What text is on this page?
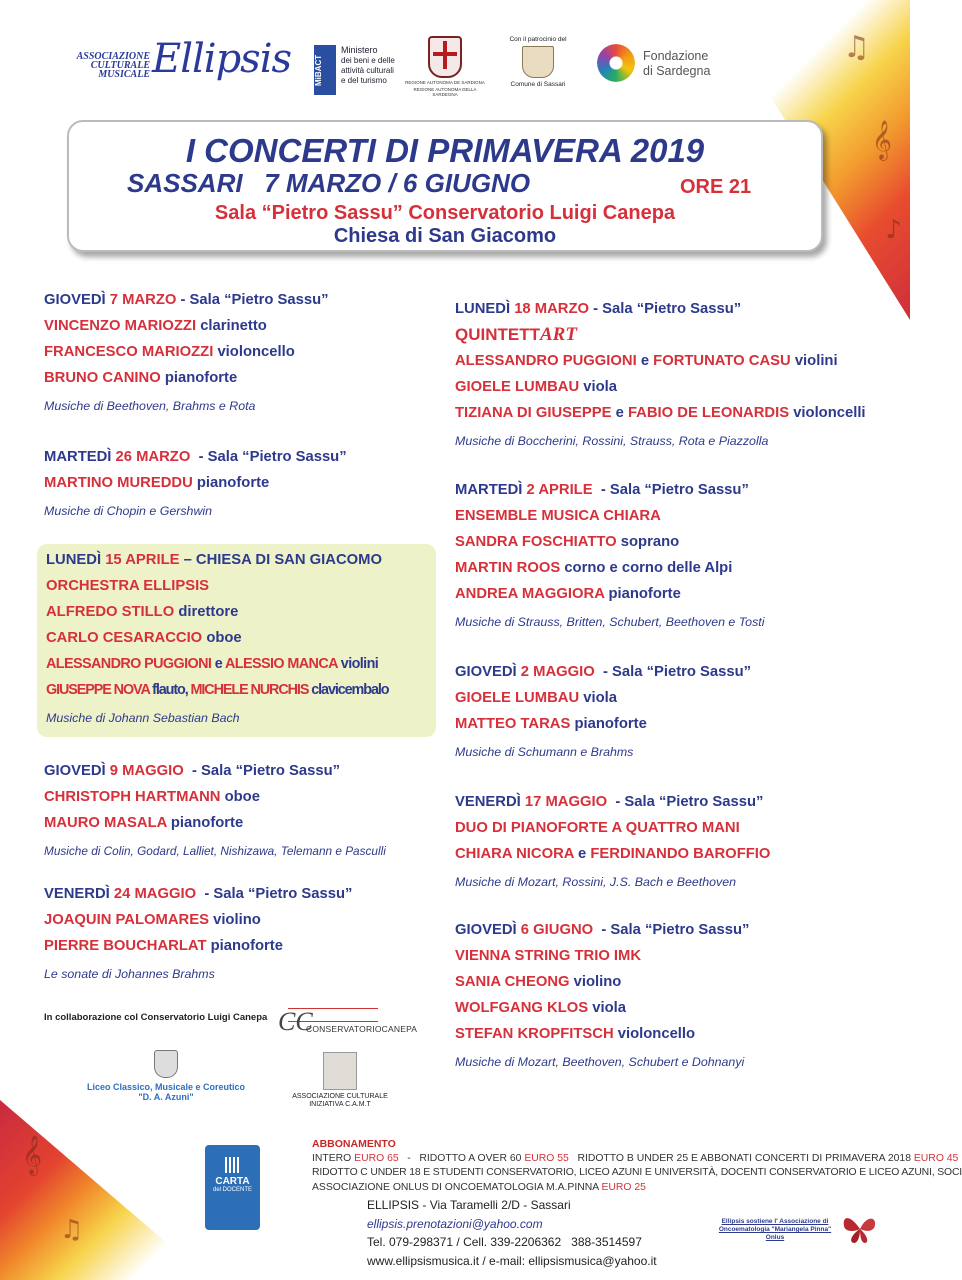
𝄞
♫
♪
𝄞
♫
ASSOCIAZIONE CULTURALE MUSICALE Ellipsis	MiBACT
Ministero
dei beni e delle
attività culturali
e del turismo	REGIONE AUTONOMA DE SARDIGNA
REGIONE AUTONOMA DELLA SARDEGNA
Con il patrocinio del
Comune di Sassari
Fondazione
di Sardegna
I CONCERTI DI PRIMAVERA 2019
SASSARI   7 MARZO / 6 GIUGNO	ORE 21
Sala “Pietro Sassu” Conservatorio Luigi Canepa
Chiesa di San Giacomo
GIOVEDÌ 7 MARZO - Sala “Pietro Sassu”
VINCENZO MARIOZZI clarinetto
FRANCESCO MARIOZZI violoncello
BRUNO CANINO pianoforte
Musiche di Beethoven, Brahms e Rota
MARTEDÌ 26 MARZO  - Sala “Pietro Sassu”
MARTINO MUREDDU pianoforte
Musiche di Chopin e Gershwin
LUNEDÌ 15 APRILE – CHIESA DI SAN GIACOMO
ORCHESTRA ELLIPSIS
ALFREDO STILLO direttore
CARLO CESARACCIO oboe
ALESSANDRO PUGGIONI e ALESSIO MANCA violini
GIUSEPPE NOVA flauto, MICHELE NURCHIS clavicembalo
Musiche di Johann Sebastian Bach
GIOVEDÌ 9 MAGGIO  - Sala “Pietro Sassu”
CHRISTOPH HARTMANN oboe
MAURO MASALA pianoforte
Musiche di Colin, Godard, Lalliet, Nishizawa, Telemann e Pasculli
VENERDÌ 24 MAGGIO  - Sala “Pietro Sassu”
JOAQUIN PALOMARES violino
PIERRE BOUCHARLAT pianoforte
Le sonate di Johannes Brahms
LUNEDÌ 18 MARZO - Sala “Pietro Sassu”
QUINTETTART
ALESSANDRO PUGGIONI e FORTUNATO CASU violini
GIOELE LUMBAU viola
TIZIANA DI GIUSEPPE e FABIO DE LEONARDIS violoncelli
Musiche di Boccherini, Rossini, Strauss, Rota e Piazzolla
MARTEDÌ 2 APRILE  - Sala “Pietro Sassu”
ENSEMBLE MUSICA CHIARA
SANDRA FOSCHIATTO soprano
MARTIN ROOS corno e corno delle Alpi
ANDREA MAGGIORA pianoforte
Musiche di Strauss, Britten, Schubert, Beethoven e Tosti
GIOVEDÌ 2 MAGGIO  - Sala “Pietro Sassu”
GIOELE LUMBAU viola
MATTEO TARAS pianoforte
Musiche di Schumann e Brahms
VENERDÌ 17 MAGGIO  - Sala “Pietro Sassu”
DUO DI PIANOFORTE A QUATTRO MANI
CHIARA NICORA e FERDINANDO BAROFFIO
Musiche di Mozart, Rossini, J.S. Bach e Beethoven
GIOVEDÌ 6 GIUGNO  - Sala “Pietro Sassu”
VIENNA STRING TRIO IMK
SANIA CHEONG violino
WOLFGANG KLOS viola
STEFAN KROPFITSCH violoncello
Musiche di Mozart, Beethoven, Schubert e Dohnanyi
In collaborazione col Conservatorio Luigi Canepa CC
CONSERVATORIOCANEPA
Liceo Classico, Musicale e Coreutico
"D. A. Azuni"	ASSOCIAZIONE CULTURALE
INIZIATIVA C.A.M.T
CARTA
del DOCENTE
ABBONAMENTO
INTERO EURO 65   -   RIDOTTO A OVER 60 EURO 55   RIDOTTO B UNDER 25 E ABBONATI CONCERTI DI PRIMAVERA 2018 EURO 45
RIDOTTO C UNDER 18 E STUDENTI CONSERVATORIO, LICEO AZUNI E UNIVERSITÀ, DOCENTI CONSERVATORIO E LICEO AZUNI, SOCI
ASSOCIAZIONE ONLUS DI ONCOEMATOLOGIA M.A.PINNA EURO 25
ELLIPSIS - Via Taramelli 2/D - Sassari
ellipsis.prenotazioni@yahoo.com
Tel. 079-298371 / Cell. 339-2206362   388-3514597
www.ellipsismusica.it / e-mail: ellipsismusica@yahoo.it
Ellipsis sostiene l' Associazione di
Oncoematologia "Mariangela Pinna" Onlus
